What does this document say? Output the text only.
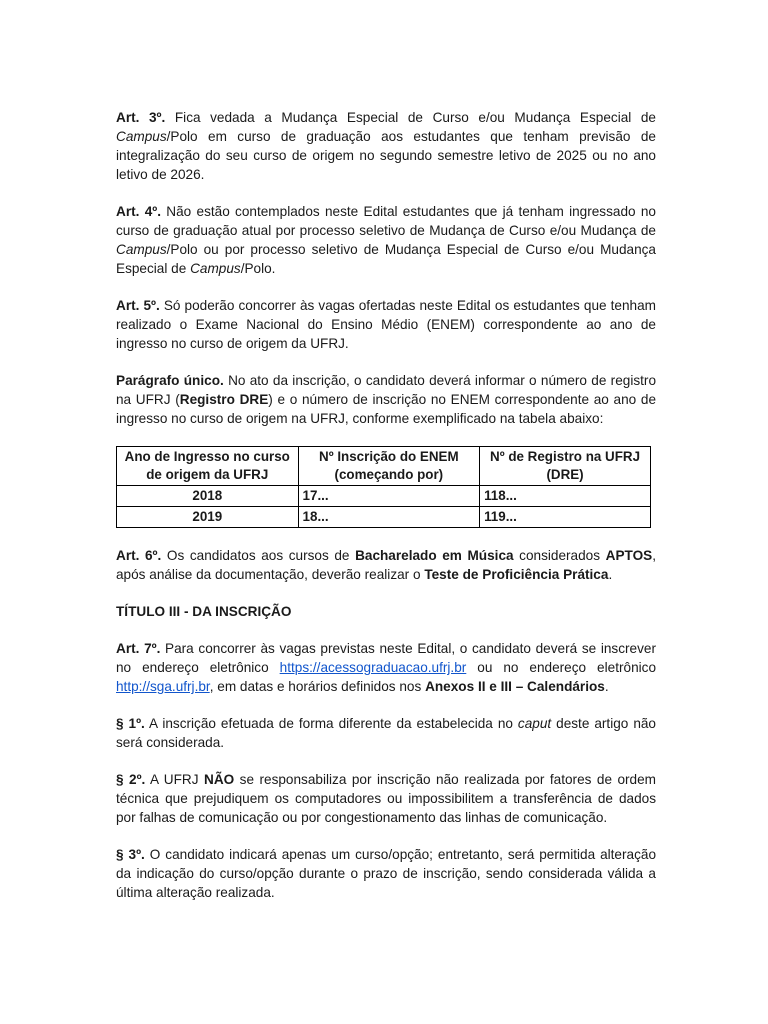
Art. 3º. Fica vedada a Mudança Especial de Curso e/ou Mudança Especial de Campus/Polo em curso de graduação aos estudantes que tenham previsão de integralização do seu curso de origem no segundo semestre letivo de 2025 ou no ano letivo de 2026.

Art. 4º. Não estão contemplados neste Edital estudantes que já tenham ingressado no curso de graduação atual por processo seletivo de Mudança de Curso e/ou Mudança de Campus/Polo ou por processo seletivo de Mudança Especial de Curso e/ou Mudança Especial de Campus/Polo.

Art. 5º. Só poderão concorrer às vagas ofertadas neste Edital os estudantes que tenham realizado o Exame Nacional do Ensino Médio (ENEM) correspondente ao ano de ingresso no curso de origem da UFRJ.

Parágrafo único. No ato da inscrição, o candidato deverá informar o número de registro na UFRJ (Registro DRE) e o número de inscrição no ENEM correspondente ao ano de ingresso no curso de origem na UFRJ, conforme exemplificado na tabela abaixo:

Ano de Ingresso no curso de origem da UFRJ	Nº Inscrição do ENEM (começando por)	Nº de Registro na UFRJ (DRE)
2018	17...	118...
2019	18...	119...

Art. 6º. Os candidatos aos cursos de Bacharelado em Música considerados APTOS, após análise da documentação, deverão realizar o Teste de Proficiência Prática.

TÍTULO III - DA INSCRIÇÃO

Art. 7º. Para concorrer às vagas previstas neste Edital, o candidato deverá se inscrever no endereço eletrônico https://acessograduacao.ufrj.br ou no endereço eletrônico http://sga.ufrj.br, em datas e horários definidos nos Anexos II e III – Calendários.

§ 1º. A inscrição efetuada de forma diferente da estabelecida no caput deste artigo não será considerada.

§ 2º. A UFRJ NÃO se responsabiliza por inscrição não realizada por fatores de ordem técnica que prejudiquem os computadores ou impossibilitem a transferência de dados por falhas de comunicação ou por congestionamento das linhas de comunicação.

§ 3º. O candidato indicará apenas um curso/opção; entretanto, será permitida alteração da indicação do curso/opção durante o prazo de inscrição, sendo considerada válida a última alteração realizada.
